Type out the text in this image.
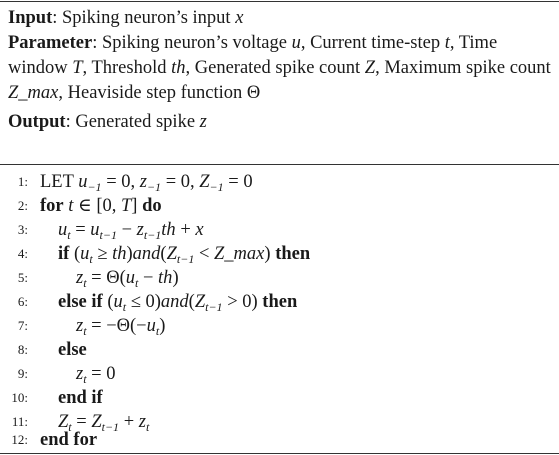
Input: Spiking neuron’s input x
Parameter: Spiking neuron’s voltage u, Current time-step t, Time window T, Threshold th, Generated spike count Z, Maximum spike count Z_max, Heaviside step function Θ
Output: Generated spike z
1: LET $u_{-1} = 0$, $z_{-1} = 0$, $Z_{-1} = 0$
2: for t ∈ [0, T] do
3: $u_t = u_{t-1} - z_{t-1}th + x$
4: if $(u_t \ge th)and(Z_{t-1}$ < Z_max) then
5:	$z_t = \Theta(u_t - th)$
6: else if $(u_t \le 0)and(Z_{t-1} > 0)$ then
7:	$z_t = -\Theta(-u_t)$
8: else
9:	$z_t = 0$
10: end if
11: $Z_t = Z_{t-1} + z_t$
12: end for
